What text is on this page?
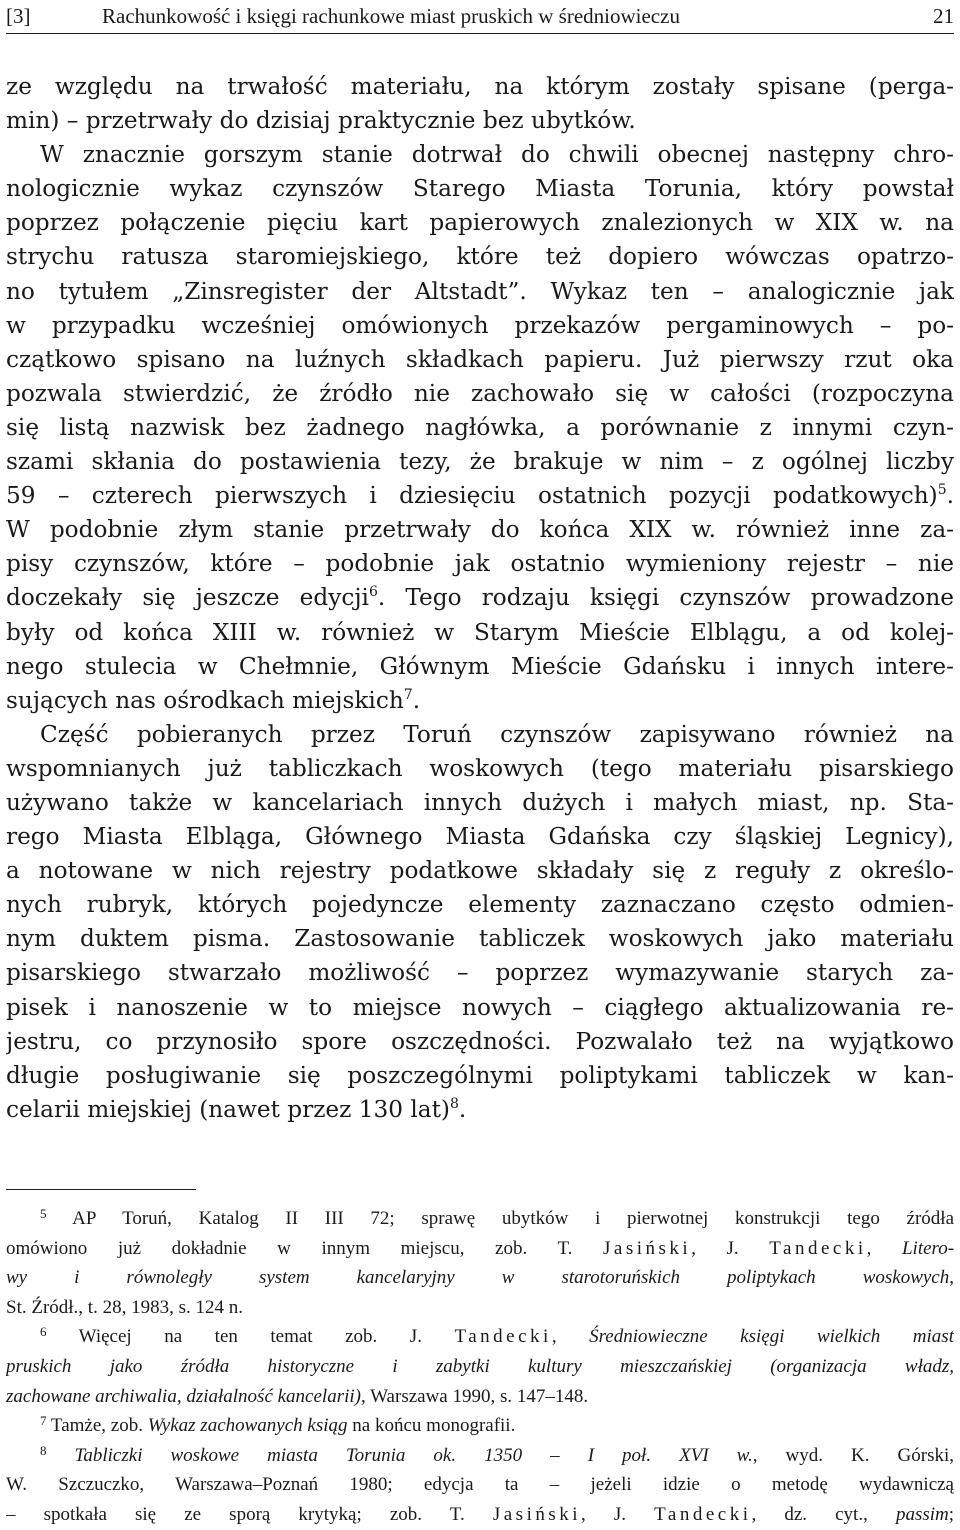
[3]	Rachunkowość i księgi rachunkowe miast pruskich w średniowieczu	21

ze względu na trwałość materiału, na którym zostały spisane (perga-
min) – przetrwały do dzisiaj praktycznie bez ubytków.
W znacznie gorszym stanie dotrwał do chwili obecnej następny chro-
nologicznie wykaz czynszów Starego Miasta Torunia, który powstał
poprzez połączenie pięciu kart papierowych znalezionych w XIX w. na
strychu ratusza staromiejskiego, które też dopiero wówczas opatrzo-
no tytułem „Zinsregister der Altstadt”. Wykaz ten – analogicznie jak
w przypadku wcześniej omówionych przekazów pergaminowych – po-
czątkowo spisano na luźnych składkach papieru. Już pierwszy rzut oka
pozwala stwierdzić, że źródło nie zachowało się w całości (rozpoczyna
się listą nazwisk bez żadnego nagłówka, a porównanie z innymi czyn-
szami skłania do postawienia tezy, że brakuje w nim – z ogólnej liczby
59 – czterech pierwszych i dziesięciu ostatnich pozycji podatkowych)$^5$.
W podobnie złym stanie przetrwały do końca XIX w. również inne za-
pisy czynszów, które – podobnie jak ostatnio wymieniony rejestr – nie
doczekały się jeszcze edycji$^6$. Tego rodzaju księgi czynszów prowadzone
były od końca XIII w. również w Starym Mieście Elblągu, a od kolej-
nego stulecia w Chełmnie, Głównym Mieście Gdańsku i innych intere-
sujących nas ośrodkach miejskich$^7$.

Część pobieranych przez Toruń czynszów zapisywano również na
wspomnianych już tabliczkach woskowych (tego materiału pisarskiego
używano także w kancelariach innych dużych i małych miast, np. Sta-
rego Miasta Elbląga, Głównego Miasta Gdańska czy śląskiej Legnicy),
a notowane w nich rejestry podatkowe składały się z reguły z określo-
nych rubryk, których pojedyncze elementy zaznaczano często odmien-
nym duktem pisma. Zastosowanie tabliczek woskowych jako materiału
pisarskiego stwarzało możliwość – poprzez wymazywanie starych za-
pisek i nanoszenie w to miejsce nowych – ciągłego aktualizowania re-
jestru, co przynosiło spore oszczędności. Pozwalało też na wyjątkowo
długie posługiwanie się poszczególnymi poliptykami tabliczek w kan-
celarii miejskiej (nawet przez 130 lat)$^8$.

$^5$ AP Toruń, Katalog II III 72; sprawę ubytków i pierwotnej konstrukcji tego źródła
omówiono już dokładnie w innym miejscu, zob. T. Jasiński, J. Tandecki, Litero-
wy i równoległy system kancelaryjny w starotoruńskich poliptykach woskowych,
St. Źródł., t. 28, 1983, s. 124 n.
$^6$ Więcej na ten temat zob. J. Tandecki, Średniowieczne księgi wielkich miast
pruskich jako źródła historyczne i zabytki kultury mieszczańskiej (organizacja władz,
zachowane archiwalia, działalność kancelarii), Warszawa 1990, s. 147–148.
$^7$ Tamże, zob. Wykaz zachowanych ksiąg na końcu monografii.
$^8$ Tabliczki woskowe miasta Torunia ok. 1350 – I poł. XVI w., wyd. K. Górski,
W. Szczuczko, Warszawa–Poznań 1980; edycja ta – jeżeli idzie o metodę wydawniczą
– spotkała się ze sporą krytyką; zob. T. Jasiński, J. Tandecki, dz. cyt., passim;
